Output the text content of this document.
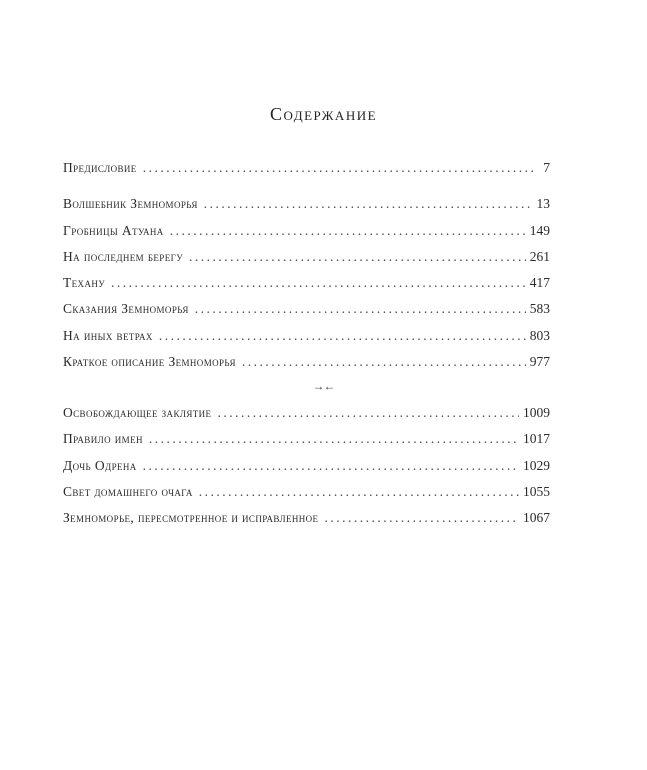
Содержание
Предисловие .....	7
Волшебник Земноморья .....	13
Гробницы Атуана .....	149
На последнем берегу .....	261
Техану .....	417
Сказания Земноморья .....	583
На иных ветрах .....	803
Краткое описание Земноморья .....	977
→←
Освобождающее заклятие .....	1009
Правило имен .....	1017
Дочь Одрена .....	1029
Свет домашнего очага .....	1055
Земноморье, пересмотренное и исправленное .....	1067
